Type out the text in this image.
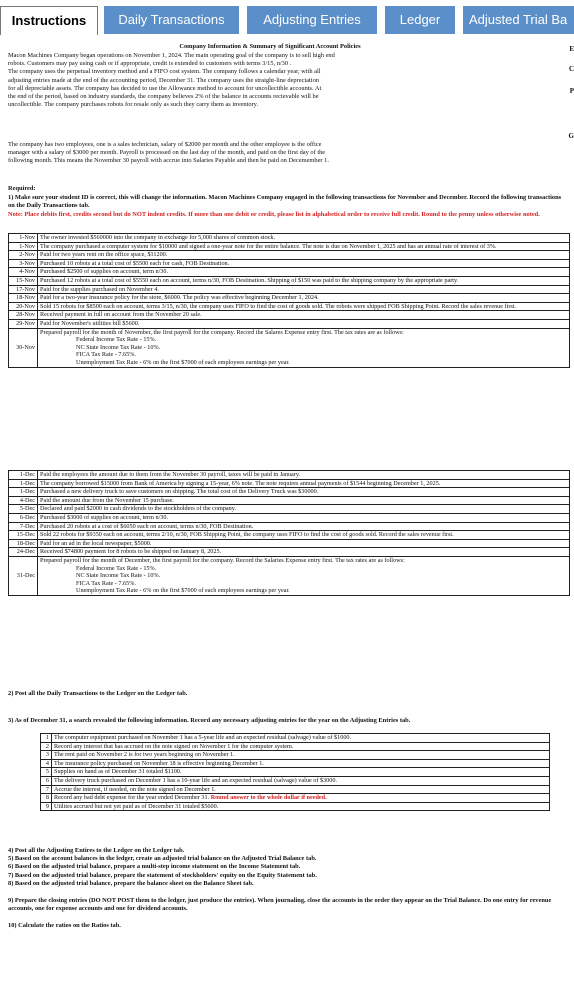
Instructions	Daily Transactions	Adjusting Entries	Ledger	Adjusted Trial Ba
E
C
P
G
Company Information & Summary of Significant Account Policies
Macon Machines Company began operations on November 1, 2024. The main operating goal of the company is to sell high end
robots. Customers may pay using cash or if appropriate, credit is extended to customers with terms 3/15, n/30 .
The company uses the perpetual inventory method and a FIFO cost system. The company follows a calendar year, with all
adjusting entries made at the end of the accounting period, December 31. The company uses the straight-line depreciation
for all depreciable assets. The company has decided to use the Allowance method to account for uncollectible accounts. At
the end of the period, based on industry standards, the company believes 2% of the balance in accounts recievable will be
uncollectible. The company purchases robots for resale only as such they carry them as inventory.
The company has two employees, one is a sales technician, salary of $2000 per month and the other employee is the office
manager with a salary of $3000 per month. Payroll is processed on the last day of the month, and paid on the first day of the
following month. This means the November 30 payroll with accrue into Salaries Payable and then be paid on Decemember 1.
Required:
1) Make sure your student ID is correct, this will change the information. Macon Machines Company engaged in the following transactions for November and December. Record the following transactions on the Daily Transactions tab.
Note: Place debits first, credits second but do NOT indent credits. If more than one debit or credit, please list in alphabetical order to receive full credit. Round to the penny unless otherwise noted.
1-Nov	The owner invested $560000 into the company in exchange for 5,000 shares of common stock.
1-Nov	The company purchased a computer system for $10000 and signed a one-year note for the entire balance. The note is due on November 1, 2025 and has an annual rate of interest of 3%.
2-Nov	Paid for two years rent on the office space, $11200.
3-Nov	Purchased 10 robots at a total cost of $5500 each for cash, FOB Destination.
4-Nov	Purchased $2500 of supplies on account, term n/30.
15-Nov	Purchased 12 robots at a total cost of $5550 each on account, terms n/30, FOB Destination. Shipping of $150 was paid to the shipping company by the appropriate party.
17-Nov	Paid for the supplies purchased on November 4.
18-Nov	Paid for a two-year insurance policy for the store, $6000. The policy was effective beginning December 1, 2024.
20-Nov	Sold 15 robots for $8500 each on account, terms 3/15, n/30, the company uses FIFO to find the cost of goods sold. The robots were shipped FOB Shipping Point. Record the sales revenue first.
28-Nov	Received payment in full on account from the November 20 sale.
29-Nov	Paid for November's utilities bill $5600.
30-Nov	Prepared payroll for the month of November, the first payroll for the company. Record the Salares Expense entry first. The tax rates are as follows:
Federal Income Tax Rate - 15%.
NC State Income Tax Rate - 10%.
FICA Tax Rate - 7.65%.
Unemployment Tax Rate - 6% on the first $7000 of each employees earnings per year.
1-Dec	Paid the employees the amount due to them from the November 30 payroll, taxes will be paid in January.
1-Dec	The company borrowed $15000 from Bank of America by signing a 15-year, 6% note. The note requires annual payments of $1544 beginning December 1, 2025.
1-Dec	Purchased a new delivery truck to save customers on shipping. The total cost of the Delivery Truck was $30000.
4-Dec	Paid the amount due from the November 15 purchase.
5-Dec	Declared and paid $2000 in cash dividends to the stockholders of the company.
6-Dec	Purchased $3000 of supplies on account, term n/30.
7-Dec	Purchased 20 robots at a cost of $6050 each on account, terms n/30, FOB Destination.
15-Dec	Sold 22 robots for $9350 each on account, terms 2/10, n/30, FOB Shipping Point, the company uses FIFO to find the cost of goods sold. Record the sales revenue first.
18-Dec	Paid for an ad in the local newspaper, $5000.
24-Dec	Received $74800 payment for 8 robots to be shipped on January 8, 2025.
31-Dec	Prepared payroll for the month of December, the first payroll for the company. Record the Salaries Expense entry first. The tax rates are as follows:
Federal Income Tax Rate - 15%.
NC State Income Tax Rate - 10%.
FICA Tax Rate - 7.65%.
Unemployment Tax Rate - 6% on the first $7000 of each employees earnings per year.
2) Post all the Daily Transactions to the Ledger on the Ledger tab.
3) As of December 31, a search revealed the following information. Record any necessary adjusting entries for the year on the Adjusting Entries tab.
1	The computer equipment purchased on November 1 has a 5-year life and an expected residual (salvage) value of $1000.
2	Record any interest that has accrued on the note signed on November 1 for the computer system.
3	The rent paid on November 2 is for two years beginning on November 1.
4	The insurance policy purchased on November 18 is effective beginning December 1.
5	Supplies on hand as of December 31 totaled $1100.
6	The delivery truck purchased on December 1 has a 10-year life and an expected residual (salvage) value of $3000.
7	Accrue the interest, if needed, on the note signed on December 1.
8	Record any bad debt expense for the year ended December 31. Round answer to the whole dollar if needed.
9	Utilites accrued but not yet paid as of December 31 totaled $5600.
4) Post all the Adjusting Entires to the Ledger on the Ledger tab.
5) Based on the account balances in the ledger, create an adjusted trial balance on the Adjusted Trial Balance tab.
6) Based on the adjusted trial balance, prepare a multi-step income statement on the Income Statement tab.
7) Based on the adjusted trial balance, prepare the statement of stockholders' equity on the Equity Statement tab.
8) Based on the adjusted trial balance, prepare the balance sheet on the Balance Sheet tab.
9) Prepare the closing entries (DO NOT POST them to the ledger, just produce the entries). When journaling, close the accounts in the order they appear on the Trial Balance. Do one entry for revenue accounts, one for expense accounts and one for dividend accounts.
10) Calculate the ratios on the Ratios tab.
